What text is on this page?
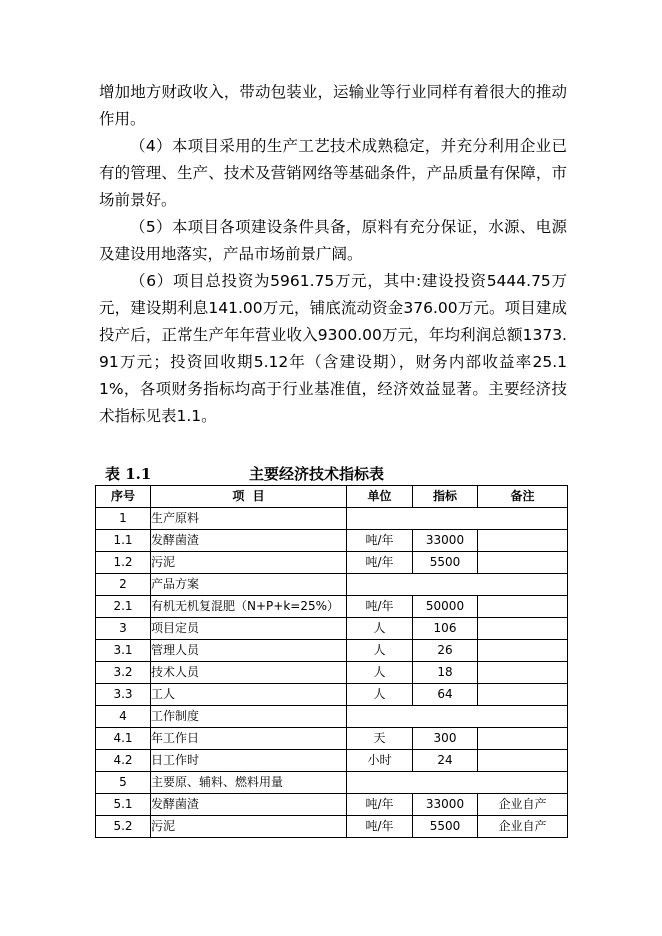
增加地方财政收入，带动包装业，运输业等行业同样有着很大的推动作用。

（4）本项目采用的生产工艺技术成熟稳定，并充分利用企业已有的管理、生产、技术及营销网络等基础条件，产品质量有保障，市场前景好。

（5）本项目各项建设条件具备，原料有充分保证，水源、电源及建设用地落实，产品市场前景广阔。

（6）项目总投资为5961.75万元，其中:建设投资5444.75万元，建设期利息141.00万元，铺底流动资金376.00万元。项目建成投产后，正常生产年年营业收入9300.00万元，年均利润总额1373.91万元；投资回收期5.12年（含建设期），财务内部收益率25.11%，各项财务指标均高于行业基准值，经济效益显著。主要经济技术指标见表1.1。

表 1.1	主要经济技术指标表
序号	项  目	单位	指标	备注
1	生产原料			
1.1	发酵菌渣	吨/年	33000	
1.2	污泥	吨/年	5500	
2	产品方案			
2.1	有机无机复混肥（N+P+k=25%）	吨/年	50000	
3	项目定员	人	106	
3.1	管理人员	人	26	
3.2	技术人员	人	18	
3.3	工人	人	64	
4	工作制度			
4.1	年工作日	天	300	
4.2	日工作时	小时	24	
5	主要原、辅料、燃料用量			
5.1	发酵菌渣	吨/年	33000	企业自产
5.2	污泥	吨/年	5500	企业自产
